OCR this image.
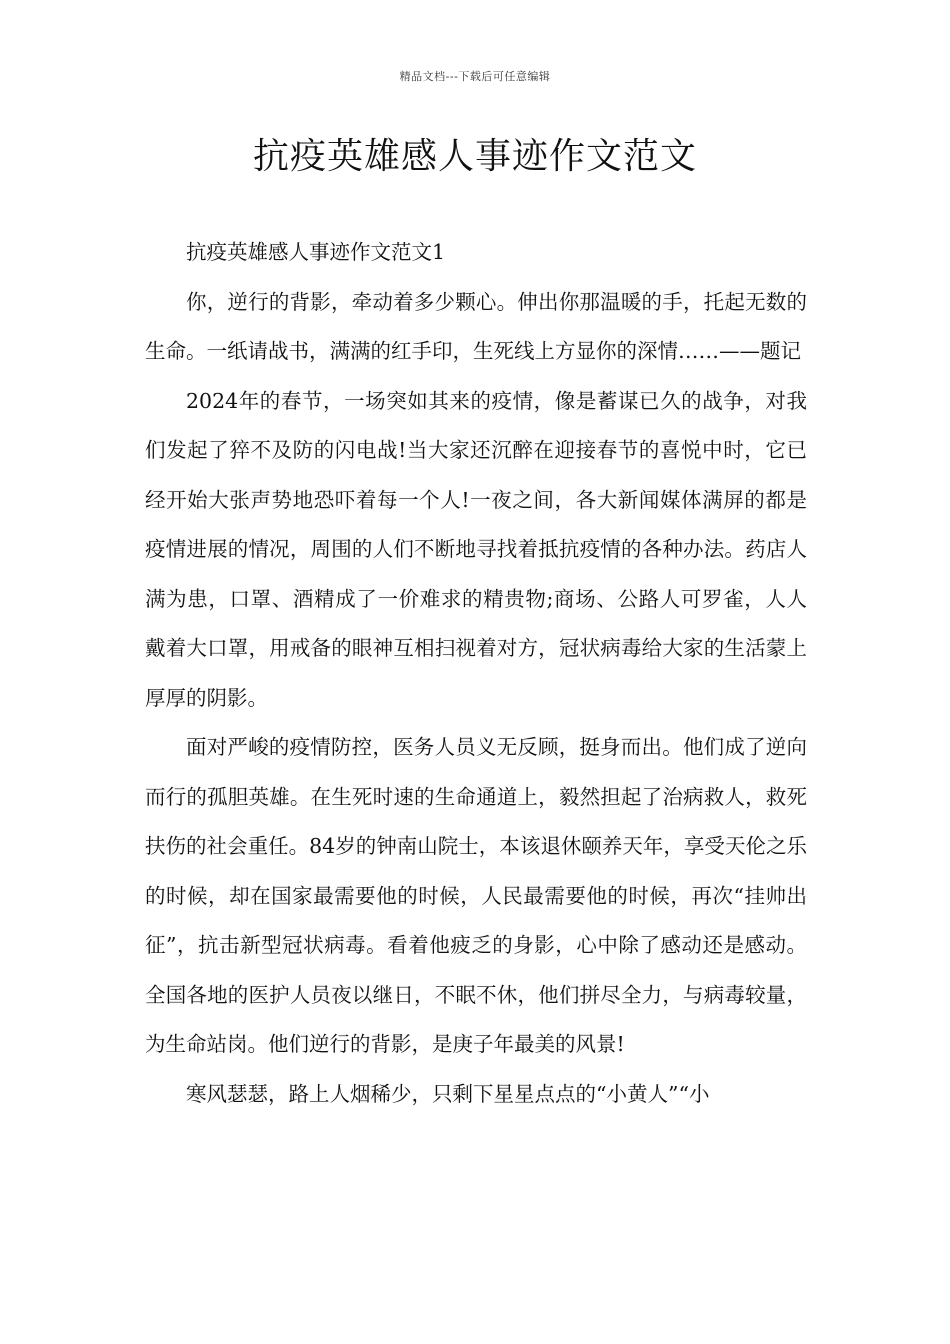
精品文档---下载后可任意编辑
抗疫英雄感人事迹作文范文

抗疫英雄感人事迹作文范文1

你，逆行的背影，牵动着多少颗心。伸出你那温暖的手，托起无数的生命。一纸请战书，满满的红手印，生死线上方显你的深情……——题记

2024年的春节，一场突如其来的疫情，像是蓄谋已久的战争，对我们发起了猝不及防的闪电战!当大家还沉醉在迎接春节的喜悦中时，它已经开始大张声势地恐吓着每一个人!一夜之间，各大新闻媒体满屏的都是疫情进展的情况，周围的人们不断地寻找着抵抗疫情的各种办法。药店人满为患，口罩、酒精成了一价难求的精贵物;商场、公路人可罗雀，人人戴着大口罩，用戒备的眼神互相扫视着对方，冠状病毒给大家的生活蒙上厚厚的阴影。

面对严峻的疫情防控，医务人员义无反顾，挺身而出。他们成了逆向而行的孤胆英雄。在生死时速的生命通道上，毅然担起了治病救人，救死扶伤的社会重任。84岁的钟南山院士，本该退休颐养天年，享受天伦之乐的时候，却在国家最需要他的时候，人民最需要他的时候，再次“挂帅出征”，抗击新型冠状病毒。看着他疲乏的身影，心中除了感动还是感动。全国各地的医护人员夜以继日，不眠不休，他们拼尽全力，与病毒较量，为生命站岗。他们逆行的背影，是庚子年最美的风景!

寒风瑟瑟，路上人烟稀少，只剩下星星点点的“小黄人”“小
